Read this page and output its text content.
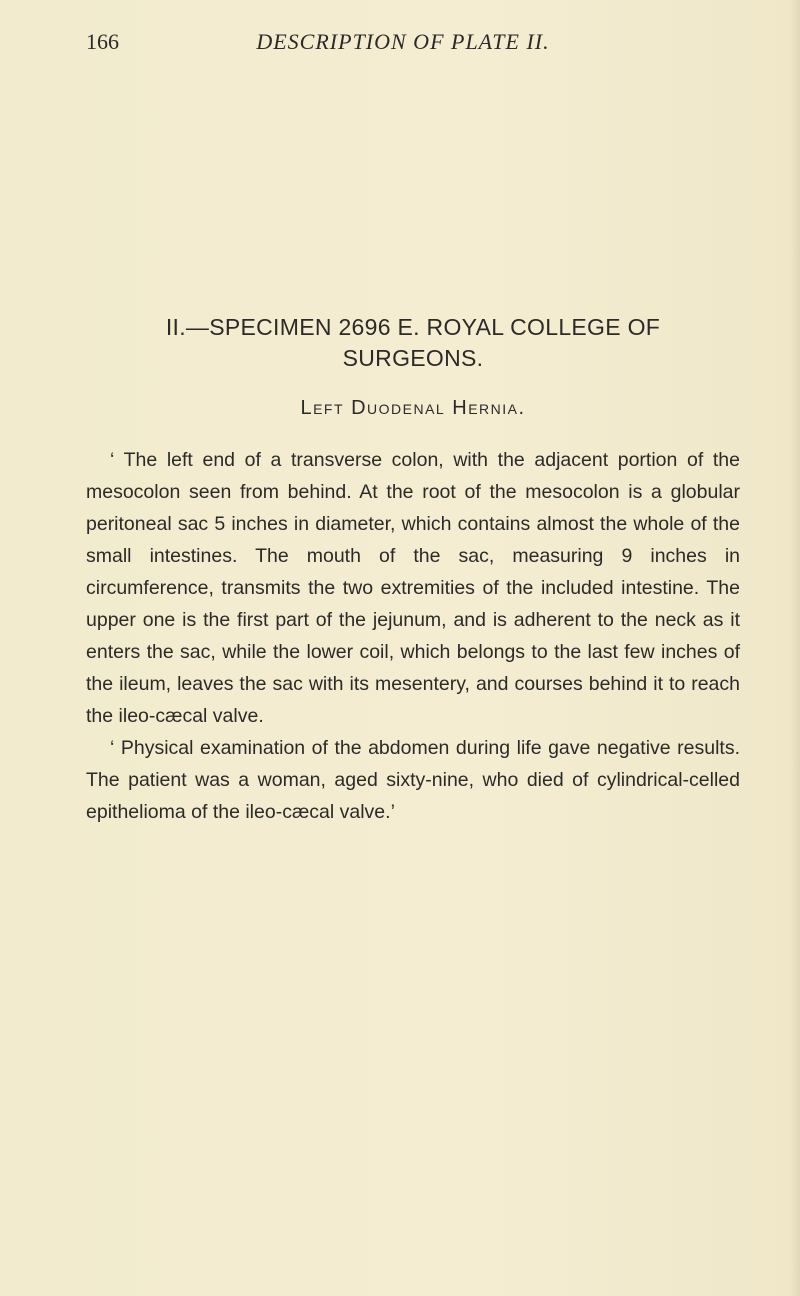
166	DESCRIPTION OF PLATE II.
II.—SPECIMEN 2696 E. ROYAL COLLEGE OF
SURGEONS.
Left Duodenal Hernia.

‘ The left end of a transverse colon, with the adjacent portion of the mesocolon seen from behind. At the root of the mesocolon is a globular peritoneal sac 5 inches in diameter, which contains almost the whole of the small intestines. The mouth of the sac, measuring 9 inches in circumference, transmits the two extremities of the included intestine. The upper one is the first part of the jejunum, and is adherent to the neck as it enters the sac, while the lower coil, which belongs to the last few inches of the ileum, leaves the sac with its mesentery, and courses behind it to reach the ileo-cæcal valve.

‘ Physical examination of the abdomen during life gave negative results. The patient was a woman, aged sixty-nine, who died of cylindrical-celled epithelioma of the ileo-cæcal valve.’
